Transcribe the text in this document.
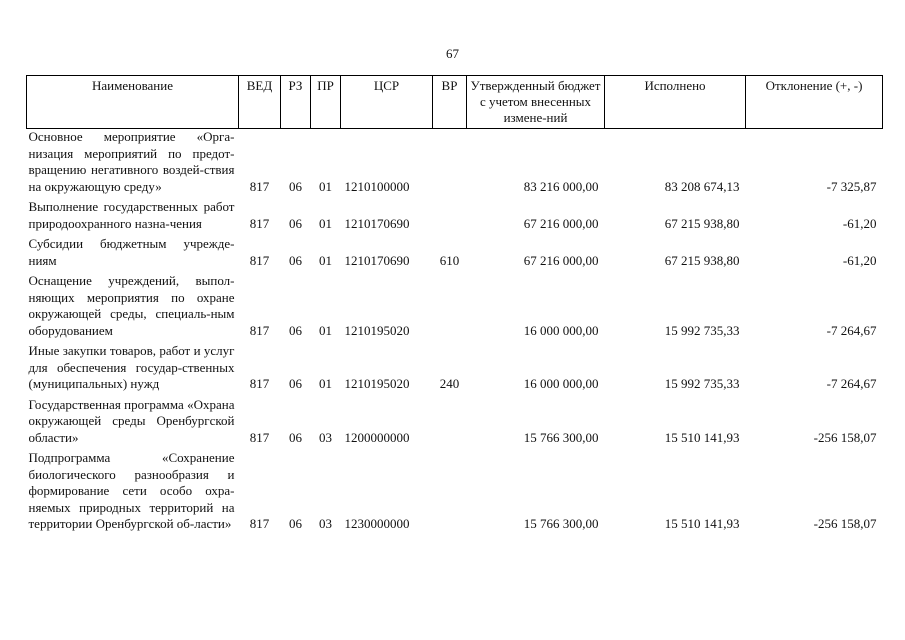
67
Наименование	ВЕД	РЗ	ПР	ЦСР	ВР	Утвержденный бюджет с учетом внесенных измене-ний	Исполнено	Отклонение (+, -)
Основное мероприятие «Орга-низация мероприятий по предот-вращению негативного воздей-ствия на окружающую среду»	817	06	01	1210100000		83 216 000,00	83 208 674,13	-7 325,87
Выполнение государственных работ природоохранного назна-чения	817	06	01	1210170690		67 216 000,00	67 215 938,80	-61,20
Субсидии бюджетным учрежде-ниям	817	06	01	1210170690	610	67 216 000,00	67 215 938,80	-61,20
Оснащение учреждений, выпол-няющих мероприятия по охране окружающей среды, специаль-ным оборудованием	817	06	01	1210195020		16 000 000,00	15 992 735,33	-7 264,67
Иные закупки товаров, работ и услуг для обеспечения государ-ственных (муниципальных) нужд	817	06	01	1210195020	240	16 000 000,00	15 992 735,33	-7 264,67
Государственная программа «Охрана окружающей среды Оренбургской области»	817	06	03	1200000000		15 766 300,00	15 510 141,93	-256 158,07
Подпрограмма «Сохранение биологического разнообразия и формирование сети особо охра-няемых природных территорий на территории Оренбургской об-ласти»	817	06	03	1230000000		15 766 300,00	15 510 141,93	-256 158,07
